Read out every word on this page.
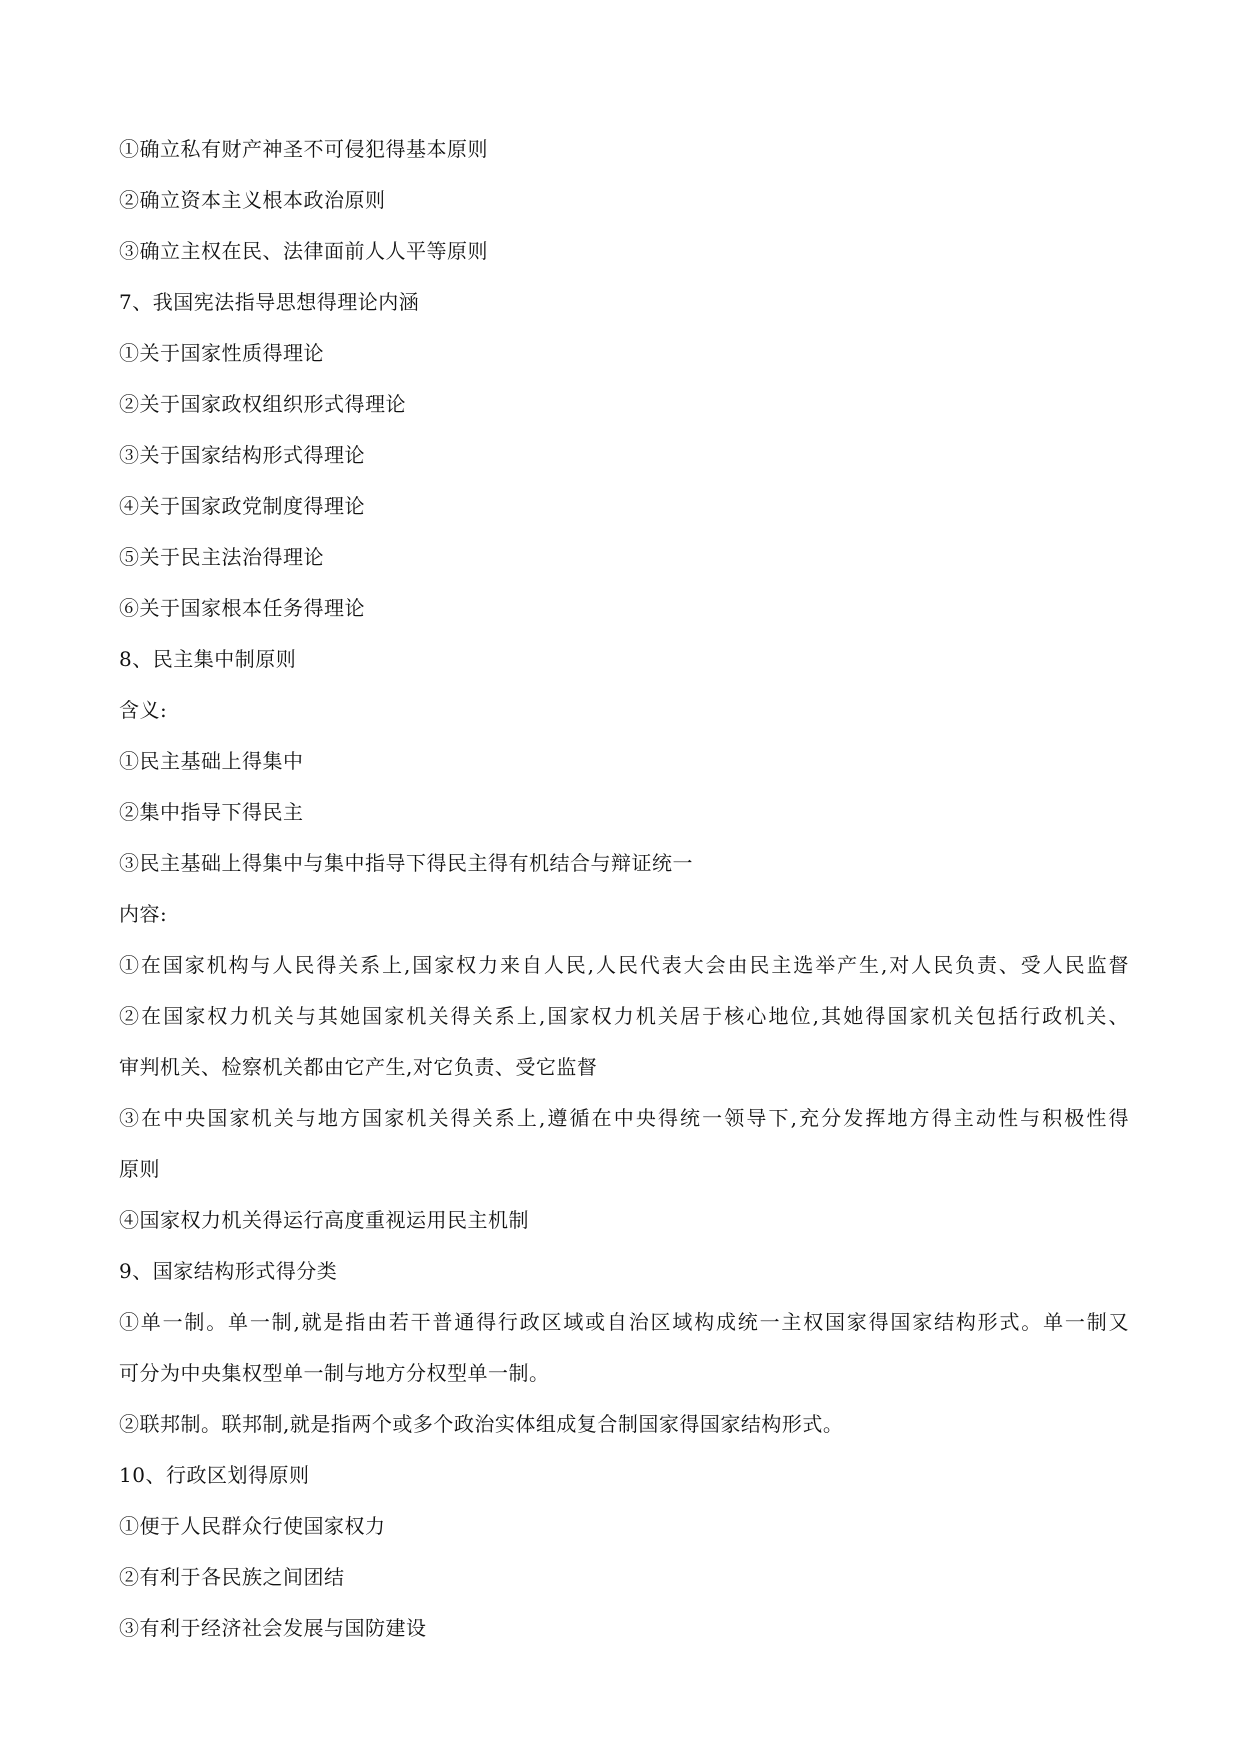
①确立私有财产神圣不可侵犯得基本原则
②确立资本主义根本政治原则
③确立主权在民、法律面前人人平等原则
7、我国宪法指导思想得理论内涵
①关于国家性质得理论
②关于国家政权组织形式得理论
③关于国家结构形式得理论
④关于国家政党制度得理论
⑤关于民主法治得理论
⑥关于国家根本任务得理论
8、民主集中制原则
含义:
①民主基础上得集中
②集中指导下得民主
③民主基础上得集中与集中指导下得民主得有机结合与辩证统一
内容:
①在国家机构与人民得关系上,国家权力来自人民,人民代表大会由民主选举产生,对人民负责、受人民监督
②在国家权力机关与其她国家机关得关系上,国家权力机关居于核心地位,其她得国家机关包括行政机关、
审判机关、检察机关都由它产生,对它负责、受它监督
③在中央国家机关与地方国家机关得关系上,遵循在中央得统一领导下,充分发挥地方得主动性与积极性得
原则
④国家权力机关得运行高度重视运用民主机制
9、国家结构形式得分类
①单一制。单一制,就是指由若干普通得行政区域或自治区域构成统一主权国家得国家结构形式。单一制又
可分为中央集权型单一制与地方分权型单一制。
②联邦制。联邦制,就是指两个或多个政治实体组成复合制国家得国家结构形式。
10、行政区划得原则
①便于人民群众行使国家权力
②有利于各民族之间团结
③有利于经济社会发展与国防建设
